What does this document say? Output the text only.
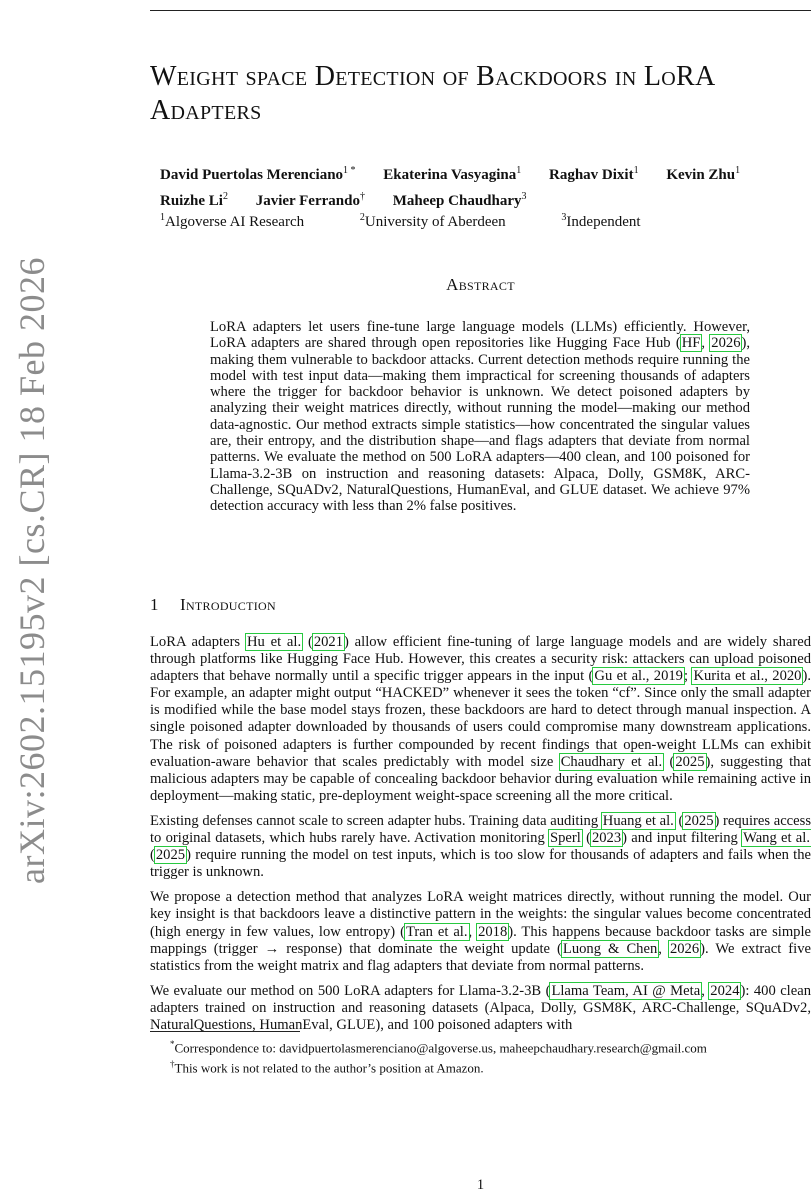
arXiv:2602.15195v2 [cs.CR] 18 Feb 2026
Weight space Detection of Backdoors in LoRA Adapters
David Puertolas Merenciano$^{1 *}$ Ekaterina Vasyagina$^1$ Raghav Dixit$^1$ Kevin Zhu$^1$
Ruizhe Li$^2$ Javier Ferrando† Maheep Chaudhary$^3$
$^1$Algoverse AI Research	$^2$University of Aberdeen	$^3$Independent
Abstract
LoRA adapters let users fine-tune large language models (LLMs) efficiently. However, LoRA adapters are shared through open repositories like Hugging Face Hub (HF, 2026), making them vulnerable to backdoor attacks. Current detection methods require running the model with test input data—making them impractical for screening thousands of adapters where the trigger for backdoor behavior is unknown. We detect poisoned adapters by analyzing their weight matrices directly, without running the model—making our method data-agnostic. Our method extracts simple statistics—how concentrated the singular values are, their entropy, and the distribution shape—and flags adapters that deviate from normal patterns. We evaluate the method on 500 LoRA adapters—400 clean, and 100 poisoned for Llama-3.2-3B on instruction and reasoning datasets: Alpaca, Dolly, GSM8K, ARC-Challenge, SQuADv2, NaturalQuestions, HumanEval, and GLUE dataset. We achieve 97% detection accuracy with less than 2% false positives.
1 Introduction

LoRA adapters Hu et al. (2021) allow efficient fine-tuning of large language models and are widely shared through platforms like Hugging Face Hub. However, this creates a security risk: attackers can upload poisoned adapters that behave normally until a specific trigger appears in the input (Gu et al., 2019; Kurita et al., 2020). For example, an adapter might output “HACKED” whenever it sees the token “cf”. Since only the small adapter is modified while the base model stays frozen, these backdoors are hard to detect through manual inspection. A single poisoned adapter downloaded by thousands of users could compromise many downstream applications. The risk of poisoned adapters is further compounded by recent findings that open-weight LLMs can exhibit evaluation-aware behavior that scales predictably with model size Chaudhary et al. (2025), suggesting that malicious adapters may be capable of concealing backdoor behavior during evaluation while remaining active in deployment—making static, pre-deployment weight-space screening all the more critical.

Existing defenses cannot scale to screen adapter hubs. Training data auditing Huang et al. (2025) requires access to original datasets, which hubs rarely have. Activation monitoring Sperl (2023) and input filtering Wang et al. (2025) require running the model on test inputs, which is too slow for thousands of adapters and fails when the trigger is unknown.

We propose a detection method that analyzes LoRA weight matrices directly, without running the model. Our key insight is that backdoors leave a distinctive pattern in the weights: the singular values become concentrated (high energy in few values, low entropy) (Tran et al., 2018). This happens because backdoor tasks are simple mappings (trigger → response) that dominate the weight update (Luong & Chen, 2026). We extract five statistics from the weight matrix and flag adapters that deviate from normal patterns.

We evaluate our method on 500 LoRA adapters for Llama-3.2-3B (Llama Team, AI @ Meta, 2024): 400 clean adapters trained on instruction and reasoning datasets (Alpaca, Dolly, GSM8K, ARC-Challenge, SQuADv2, NaturalQuestions, HumanEval, GLUE), and 100 poisoned adapters with

*Correspondence to: davidpuertolasmerenciano@algoverse.us, maheepchaudhary.research@gmail.com
†This work is not related to the author’s position at Amazon.
1
